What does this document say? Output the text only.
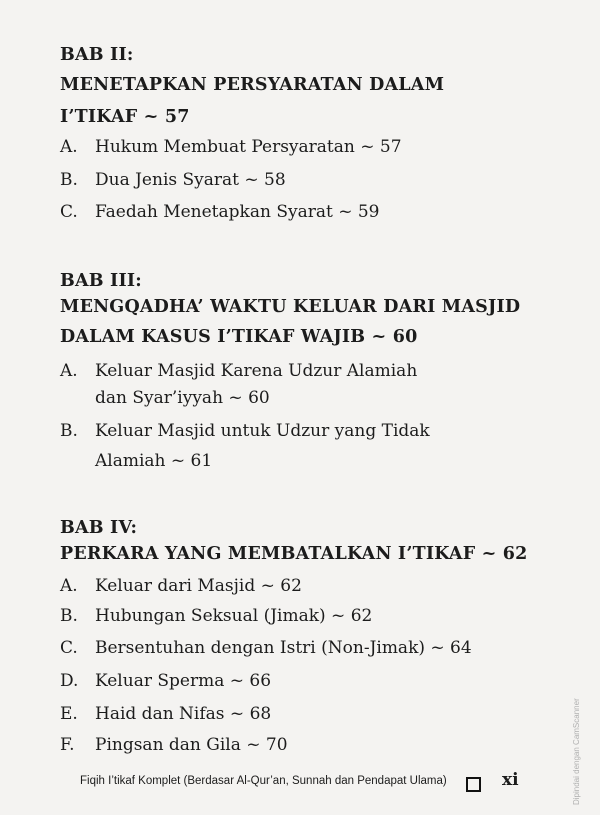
BAB II:
MENETAPKAN PERSYARATAN DALAM
I’TIKAF ~ 57
A. Hukum Membuat Persyaratan ~ 57
B. Dua Jenis Syarat ~ 58
C. Faedah Menetapkan Syarat ~ 59
BAB III:
MENGQADHA’ WAKTU KELUAR DARI MASJID
DALAM KASUS I’TIKAF WAJIB ~ 60
A. Keluar Masjid Karena Udzur Alamiah
dan Syar’iyyah ~ 60
B. Keluar Masjid untuk Udzur yang Tidak
Alamiah ~ 61
BAB IV:
PERKARA YANG MEMBATALKAN I’TIKAF ~ 62
A. Keluar dari Masjid ~ 62
B. Hubungan Seksual (Jimak) ~ 62
C. Bersentuhan dengan Istri (Non-Jimak) ~ 64
D. Keluar Sperma ~ 66
E. Haid dan Nifas ~ 68
F. Pingsan dan Gila ~ 70
Fiqih I’tikaf Komplet (Berdasar Al-Qur’an, Sunnah dan Pendapat Ulama)	xi	Dipindai dengan CamScanner
